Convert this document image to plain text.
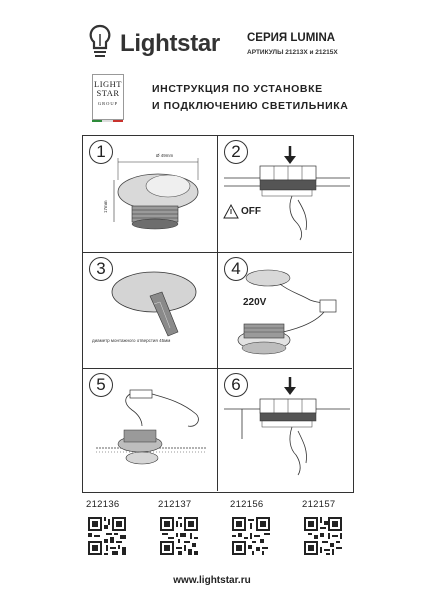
Lightstar СЕРИЯ LUMINA
АРТИКУЛЫ 21213X и 21215X
LIGHT
STAR
GROUP
ИНСТРУКЦИЯ ПО УСТАНОВКЕ
И ПОДКЛЮЧЕНИЮ СВЕТИЛЬНИКА
1	Ø 49mm
17mm
2
OFF
3
диаметр монтажного отверстия 45мм
4
220V
5	6
212136	212137	212156	212157
www.lightstar.ru
